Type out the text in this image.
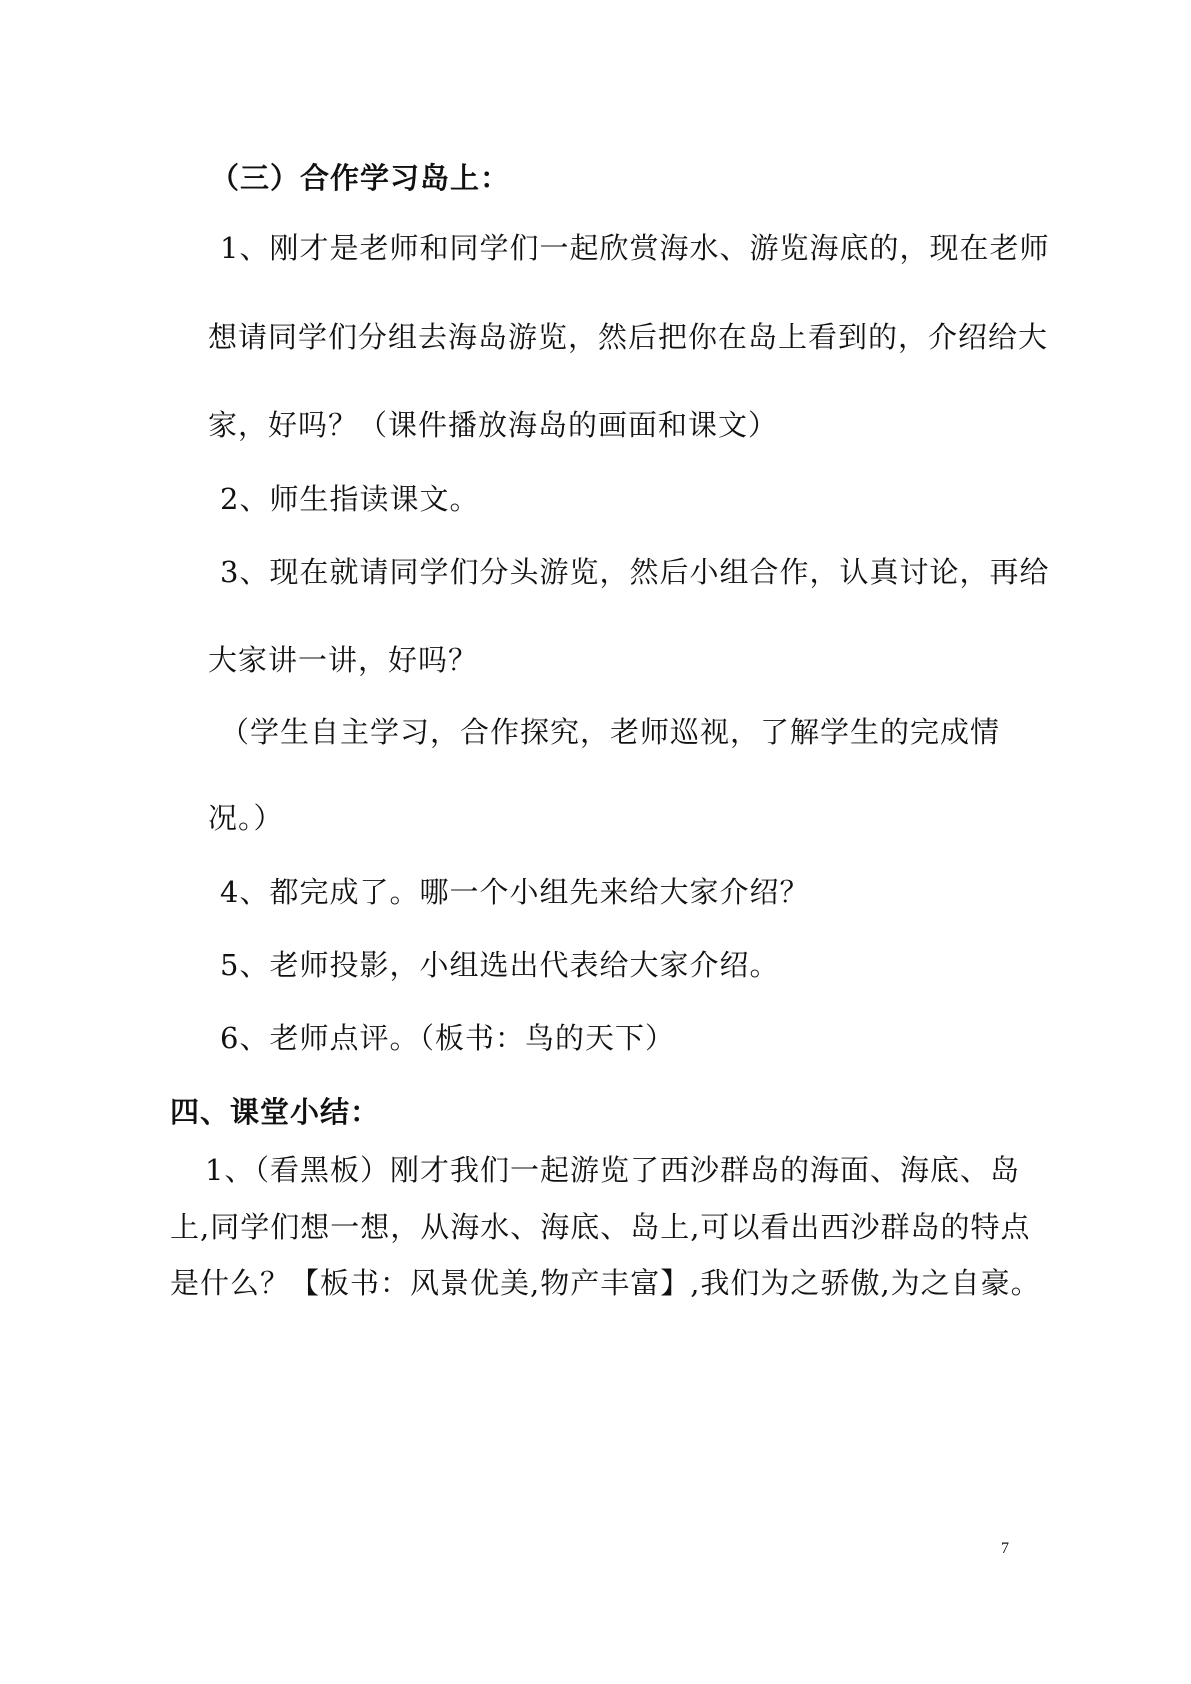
（三）合作学习岛上：
1、刚才是老师和同学们一起欣赏海水、游览海底的，现在老师
想请同学们分组去海岛游览，然后把你在岛上看到的，介绍给大
家，好吗？（课件播放海岛的画面和课文）
2、师生指读课文。
3、现在就请同学们分头游览，然后小组合作，认真讨论，再给
大家讲一讲，好吗？
（学生自主学习，合作探究，老师巡视，了解学生的完成情
况。）
4、都完成了。哪一个小组先来给大家介绍？
5、老师投影，小组选出代表给大家介绍。
6、老师点评。（板书：鸟的天下）
四、课堂小结：
1、（看黑板）刚才我们一起游览了西沙群岛的海面、海底、岛
上,同学们想一想，从海水、海底、岛上,可以看出西沙群岛的特点
是什么？【板书：风景优美,物产丰富】,我们为之骄傲,为之自豪。
7
